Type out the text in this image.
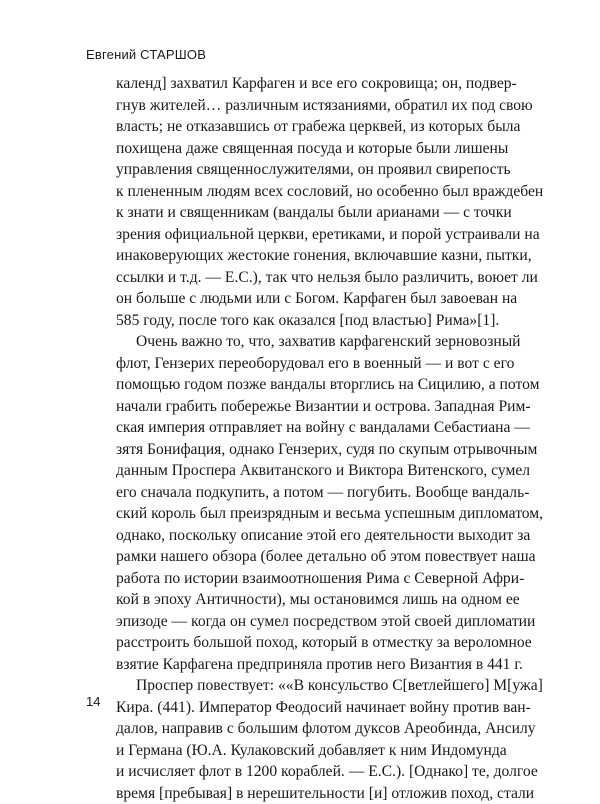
Евгений СТАРШОВ
календ] захватил Карфаген и все его сокровища; он, подвер-
гнув жителей… различным истязаниями, обратил их под свою
власть; не отказавшись от грабежа церквей, из которых была
похищена даже священная посуда и которые были лишены
управления священнослужителями, он проявил свирепость
к плененным людям всех сословий, но особенно был враждебен
к знати и священникам (вандалы были арианами — с точки
зрения официальной церкви, еретиками, и порой устраивали на
инаковерующих жестокие гонения, включавшие казни, пытки,
ссылки и т.д. — Е.С.), так что нельзя было различить, воюет ли
он больше с людьми или с Богом. Карфаген был завоеван на
585 году, после того как оказался [под властью] Рима»[1].
Очень важно то, что, захватив карфагенский зерновозный
флот, Гензерих переоборудовал его в военный — и вот с его
помощью годом позже вандалы вторглись на Сицилию, а потом
начали грабить побережье Византии и острова. Западная Рим-
ская империя отправляет на войну с вандалами Себастиана —
зятя Бонифация, однако Гензерих, судя по скупым отрывочным
данным Проспера Аквитанского и Виктора Витенского, сумел
его сначала подкупить, а потом — погубить. Вообще вандаль-
ский король был преизрядным и весьма успешным дипломатом,
однако, поскольку описание этой его деятельности выходит за
рамки нашего обзора (более детально об этом повествует наша
работа по истории взаимоотношения Рима с Северной Афри-
кой в эпоху Античности), мы остановимся лишь на одном ее
эпизоде — когда он сумел посредством этой своей дипломатии
расстроить большой поход, который в отместку за вероломное
взятие Карфагена предприняла против него Византия в 441 г.
Проспер повествует: ««В консульство С[ветлейшего] М[ужа]
Кира. (441). Император Феодосий начинает войну против ван-
далов, направив с большим флотом дуксов Ареобинда, Ансилу
и Германа (Ю.А. Кулаковский добавляет к ним Индомунда
и исчисляет флот в 1200 кораблей. — Е.С.). [Однако] те, долгое
время [пребывая] в нерешительности [и] отложив поход, стали
14
